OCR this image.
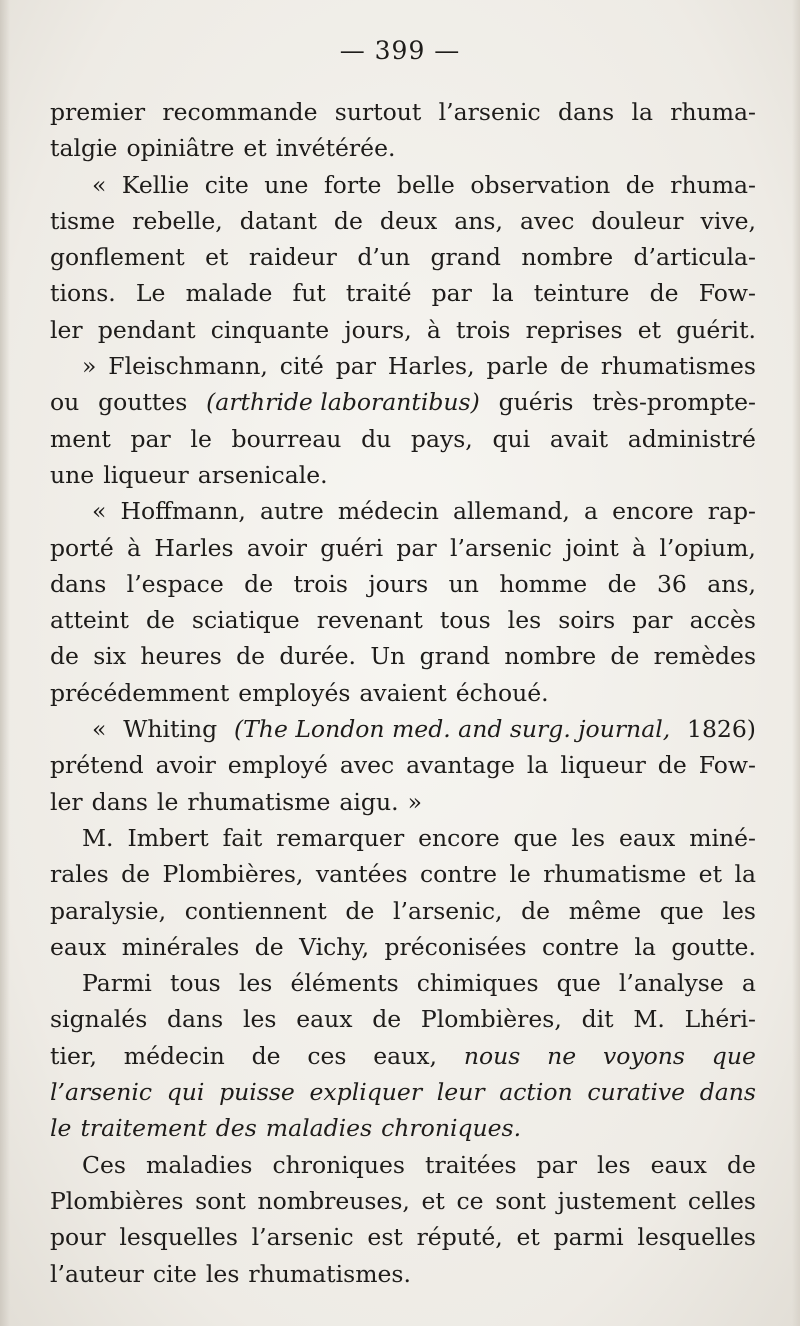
— 399 —
premier recommande surtout l’arsenic dans la rhuma-
talgie opiniâtre et invétérée.
« Kellie cite une forte belle observation de rhuma-
tisme rebelle, datant de deux ans, avec douleur vive,
gonflement et raideur d’un grand nombre d’articula-
tions. Le malade fut traité par la teinture de Fow-
ler pendant cinquante jours, à trois reprises et guérit.
» Fleischmann, cité par Harles, parle de rhumatismes
ou gouttes (arthride laborantibus) guéris très-prompte-
ment par le bourreau du pays, qui avait administré
une liqueur arsenicale.
« Hoffmann, autre médecin allemand, a encore rap-
porté à Harles avoir guéri par l’arsenic joint à l’opium,
dans l’espace de trois jours un homme de 36 ans,
atteint de sciatique revenant tous les soirs par accès
de six heures de durée. Un grand nombre de remèdes
précédemment employés avaient échoué.
« Whiting (The London med. and surg. journal, 1826)
prétend avoir employé avec avantage la liqueur de Fow-
ler dans le rhumatisme aigu. »
M. Imbert fait remarquer encore que les eaux miné-
rales de Plombières, vantées contre le rhumatisme et la
paralysie, contiennent de l’arsenic, de même que les
eaux minérales de Vichy, préconisées contre la goutte.
Parmi tous les éléments chimiques que l’analyse a
signalés dans les eaux de Plombières, dit M. Lhéri-
tier, médecin de ces eaux, nous ne voyons que
l’arsenic qui puisse expliquer leur action curative dans
le traitement des maladies chroniques.
Ces maladies chroniques traitées par les eaux de
Plombières sont nombreuses, et ce sont justement celles
pour lesquelles l’arsenic est réputé, et parmi lesquelles
l’auteur cite les rhumatismes.
